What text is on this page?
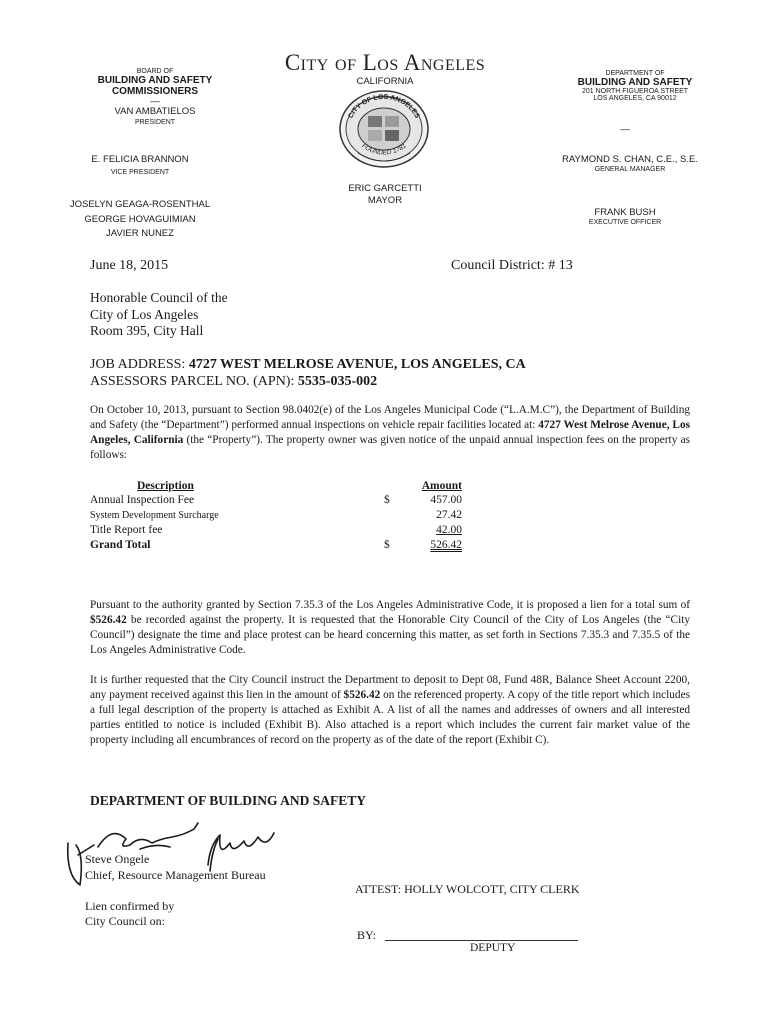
City of Los Angeles
CALIFORNIA
CITY OF LOS ANGELES
FOUNDED 1781
ERIC GARCETTI
MAYOR
BOARD OF
BUILDING AND SAFETY
COMMISSIONERS
—
VAN AMBATIELOS
PRESIDENT
E. FELICIA BRANNON
VICE PRESIDENT
JOSELYN GEAGA-ROSENTHAL
GEORGE HOVAGUIMIAN
JAVIER NUNEZ
DEPARTMENT OF
BUILDING AND SAFETY
201 NORTH FIGUEROA STREET
LOS ANGELES, CA 90012
—
RAYMOND S. CHAN, C.E., S.E.
GENERAL MANAGER
FRANK BUSH
EXECUTIVE OFFICER
June 18, 2015	Council District: # 13
Honorable Council of the
City of Los Angeles
Room 395, City Hall
JOB ADDRESS: 4727 WEST MELROSE AVENUE, LOS ANGELES, CA
ASSESSORS PARCEL NO. (APN): 5535-035-002
On October 10, 2013, pursuant to Section 98.0402(e) of the Los Angeles Municipal Code (“L.A.M.C”), the Department of Building and Safety (the “Department”) performed annual inspections on vehicle repair facilities located at: 4727 West Melrose Avenue, Los Angeles, California (the “Property”). The property owner was given notice of the unpaid annual inspection fees on the property as follows:
Description	Amount
Annual Inspection Fee	$	457.00
System Development Surcharge	27.42
Title Report fee	42.00
Grand Total	$	526.42
Pursuant to the authority granted by Section 7.35.3 of the Los Angeles Administrative Code, it is proposed a lien for a total sum of $526.42 be recorded against the property. It is requested that the Honorable City Council of the City of Los Angeles (the “City Council”) designate the time and place protest can be heard concerning this matter, as set forth in Sections 7.35.3 and 7.35.5 of the Los Angeles Administrative Code.
It is further requested that the City Council instruct the Department to deposit to Dept 08, Fund 48R, Balance Sheet Account 2200, any payment received against this lien in the amount of $526.42 on the referenced property. A copy of the title report which includes a full legal description of the property is attached as Exhibit A. A list of all the names and addresses of owners and all interested parties entitled to notice is included (Exhibit B). Also attached is a report which includes the current fair market value of the property including all encumbrances of record on the property as of the date of the report (Exhibit C).
DEPARTMENT OF BUILDING AND SAFETY
Steve Ongele
Chief, Resource Management Bureau
ATTEST: HOLLY WOLCOTT, CITY CLERK
Lien confirmed by
City Council on:
BY:
DEPUTY
